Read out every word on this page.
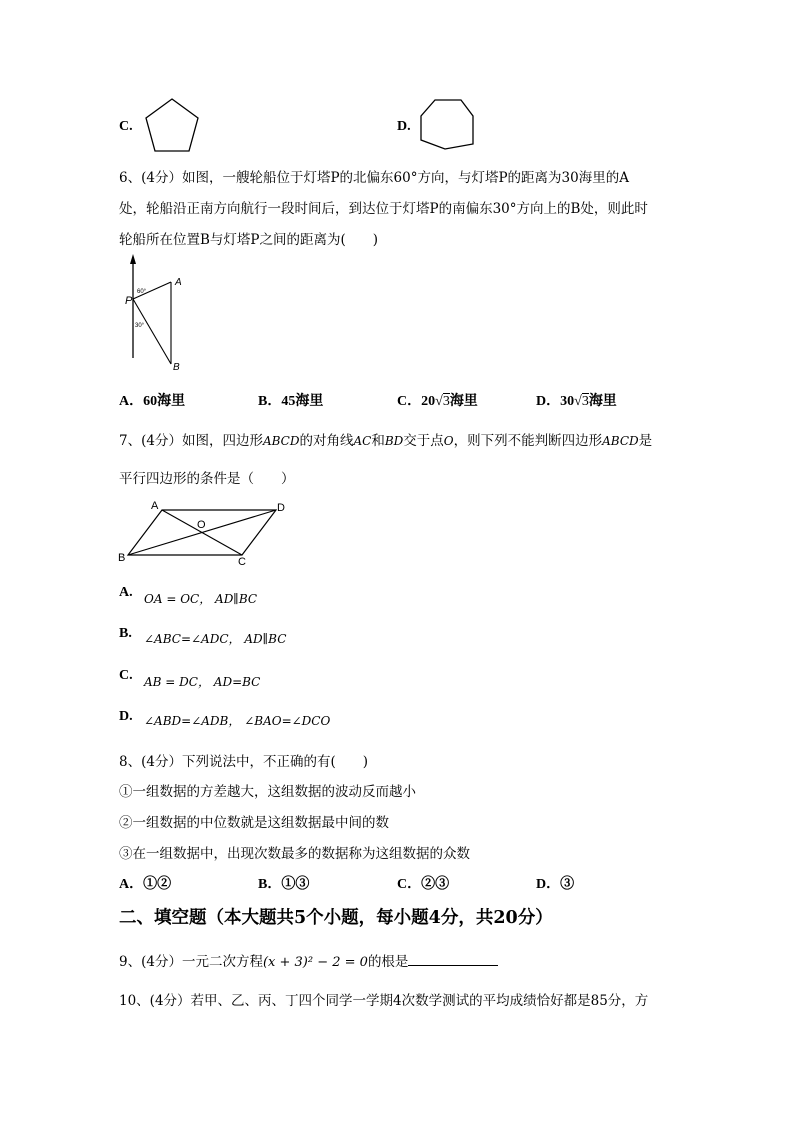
C.	D.
6、(4分）如图，一艘轮船位于灯塔P的北偏东60°方向，与灯塔P的距离为30海里的A
处，轮船沿正南方向航行一段时间后，到达位于灯塔P的南偏东30°方向上的B处，则此时
轮船所在位置B与灯塔P之间的距离为(　　)
P
A
B
60°
30°
A．60海里	B．45海里	C．20√3海里	D．30√3海里
7、(4分）如图，四边形ABCD的对角线AC和BD交于点O，则下列不能判断四边形ABCD是
平行四边形的条件是（　　）
A	D
B	C
O
A. OA = OC， AD∥BC
B. ∠ABC=∠ADC， AD∥BC
C. AB = DC， AD=BC
D. ∠ABD=∠ADB， ∠BAO=∠DCO
8、(4分）下列说法中，不正确的有(　　)
①一组数据的方差越大，这组数据的波动反而越小
②一组数据的中位数就是这组数据最中间的数
③在一组数据中，出现次数最多的数据称为这组数据的众数
A．①②	B．①③	C．②③	D．③
二、填空题（本大题共5个小题，每小题4分，共20分）
9、(4分）一元二次方程(x + 3)² − 2 = 0的根是
10、(4分）若甲、乙、丙、丁四个同学一学期4次数学测试的平均成绩恰好都是85分，方
